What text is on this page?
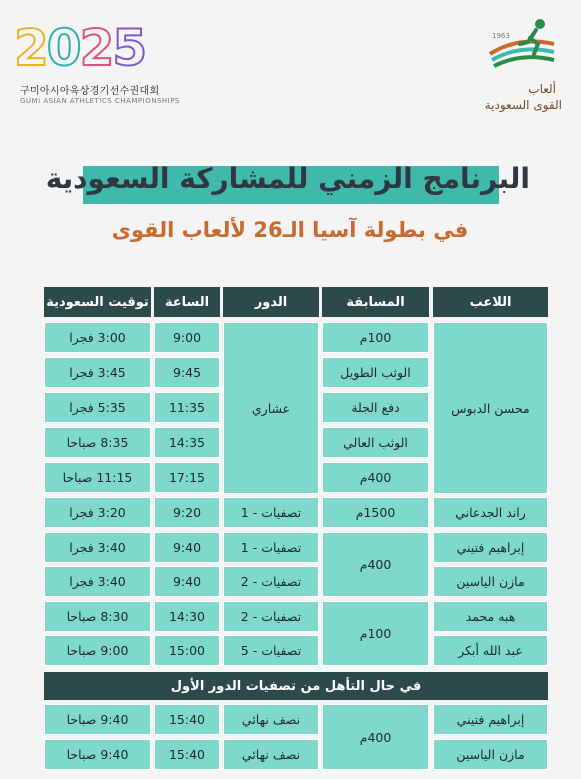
2025
구미아시아육상경기선수권대회
GUMI ASIAN ATHLETICS CHAMPIONSHIPS
1963
ألعاب
القوى السعودية
البرنامج الزمني للمشاركة السعودية
في بطولة آسيا الـ26 لألعاب القوى
اللاعب
المسابقة
الدور
الساعة
توقيت السعودية
محسن الدبوس
راند الجدعاني
إبراهيم فتيني
مازن الياسين
هبه محمد
عبد الله أبكر
100م
الوثب الطويل
دفع الجلة
الوثب العالي
400م
1500م
400م
100م
عشاري
تصفيات - 1
تصفيات - 1
تصفيات - 2
تصفيات - 2
تصفيات - 5
9:00
9:45
11:35
14:35
17:15
9:20
9:40
9:40
14:30
15:00
3:00 فجرا
3:45 فجرا
5:35 فجرا
8:35 صباحا
11:15 صباحا
3:20 فجرا
3:40 فجرا
3:40 فجرا
8:30 صباحا
9:00 صباحا
في حال التأهل من تصفيات الدور الأول
إبراهيم فتيني
مازن الياسين
400م
نصف نهائي
نصف نهائي
15:40
15:40
9:40 صباحا
9:40 صباحا
